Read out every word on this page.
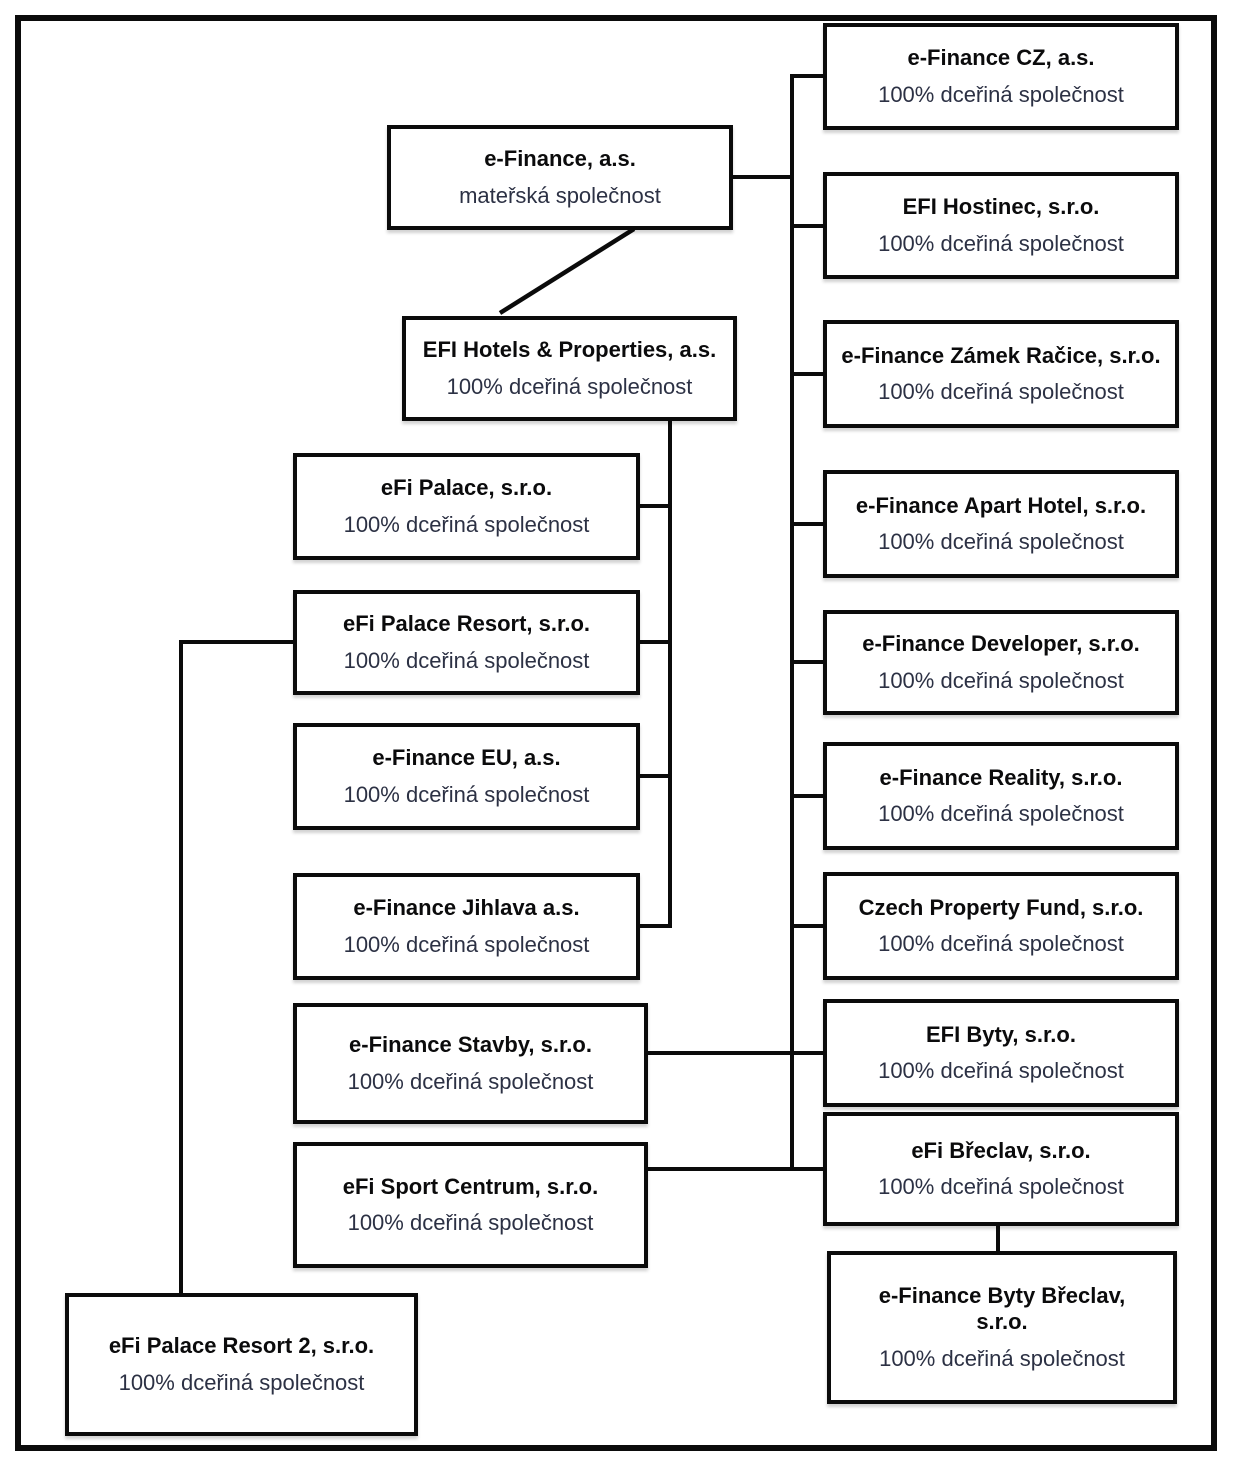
e-Finance, a.s.
mateřská společnost
EFI Hotels & Properties, a.s.
100% dceřiná společnost
eFi Palace, s.r.o.
100% dceřiná společnost
eFi Palace Resort, s.r.o.
100% dceřiná společnost
e-Finance EU, a.s.
100% dceřiná společnost
e-Finance Jihlava a.s.
100% dceřiná společnost
e-Finance Stavby, s.r.o.
100% dceřiná společnost
eFi Sport Centrum, s.r.o.
100% dceřiná společnost
eFi Palace Resort 2, s.r.o.
100% dceřiná společnost
e-Finance CZ, a.s.
100% dceřiná společnost
EFI Hostinec, s.r.o.
100% dceřiná společnost
e-Finance Zámek Račice, s.r.o.
100% dceřiná společnost
e-Finance Apart Hotel, s.r.o.
100% dceřiná společnost
e-Finance Developer, s.r.o.
100% dceřiná společnost
e-Finance Reality, s.r.o.
100% dceřiná společnost
Czech Property Fund, s.r.o.
100% dceřiná společnost
EFI Byty, s.r.o.
100% dceřiná společnost
eFi Břeclav, s.r.o.
100% dceřiná společnost
e-Finance Byty Břeclav, s.r.o.
100% dceřiná společnost
